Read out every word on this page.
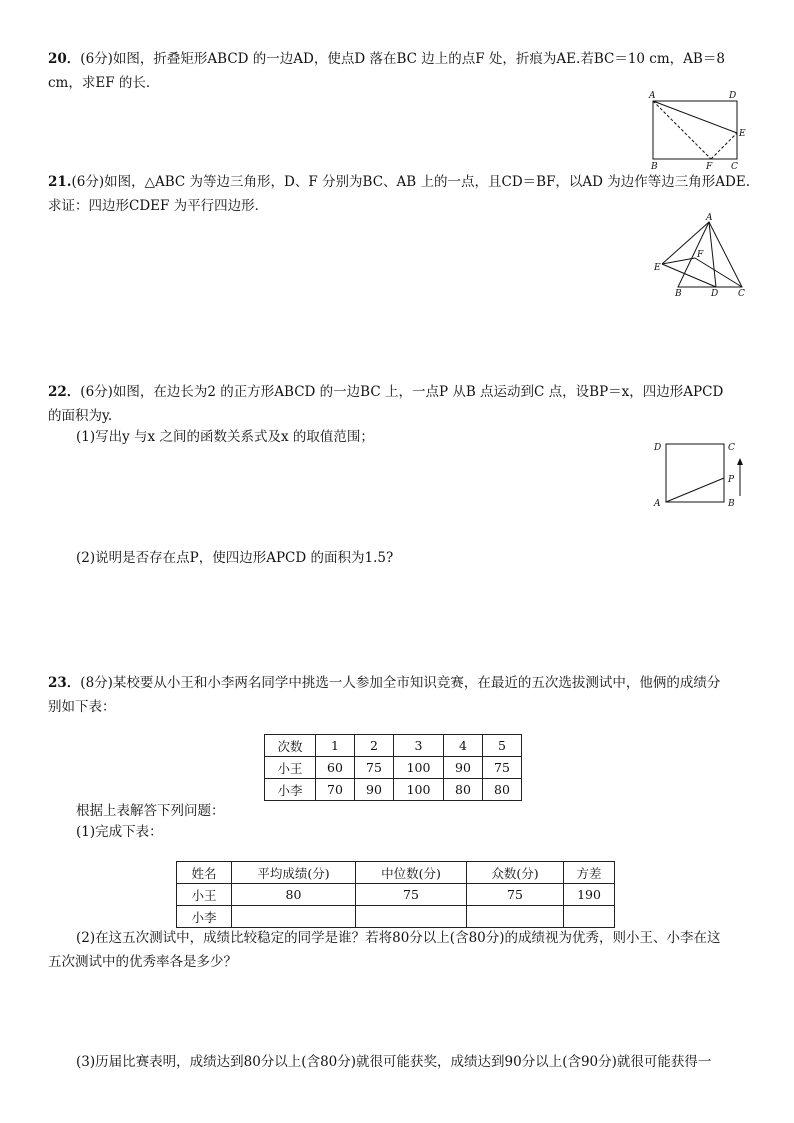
20．(6分)如图，折叠矩形ABCD 的一边AD，使点D 落在BC 边上的点F 处，折痕为AE.若BC＝10 cm，AB＝8
cm，求EF 的长．
A	D
E
B	F C
21.(6分)如图，△ABC 为等边三角形，D、F 分别为BC、AB 上的一点，且CD＝BF，以AD 为边作等边三角形ADE.
求证：四边形CDEF 为平行四边形．
A
F
E
B	D C
22．(6分)如图，在边长为2 的正方形ABCD 的一边BC 上，一点P 从B 点运动到C 点，设BP＝x，四边形APCD
的面积为y.
(1)写出y 与x 之间的函数关系式及x 的取值范围；
D	C
P
A	B
(2)说明是否存在点P，使四边形APCD 的面积为1.5?
23．(8分)某校要从小王和小李两名同学中挑选一人参加全市知识竞赛，在最近的五次选拔测试中，他俩的成绩分
别如下表：
次数	1	2	3	4	5
小王	60	75	100	90	75
小李	70	90	100	80	80
根据上表解答下列问题：
(1)完成下表：
姓名	平均成绩(分)	中位数(分)	众数(分)	方差
小王	80	75	75	190
小李				
(2)在这五次测试中，成绩比较稳定的同学是谁？若将80分以上(含80分)的成绩视为优秀，则小王、小李在这
五次测试中的优秀率各是多少？
(3)历届比赛表明，成绩达到80分以上(含80分)就很可能获奖，成绩达到90分以上(含90分)就很可能获得一
